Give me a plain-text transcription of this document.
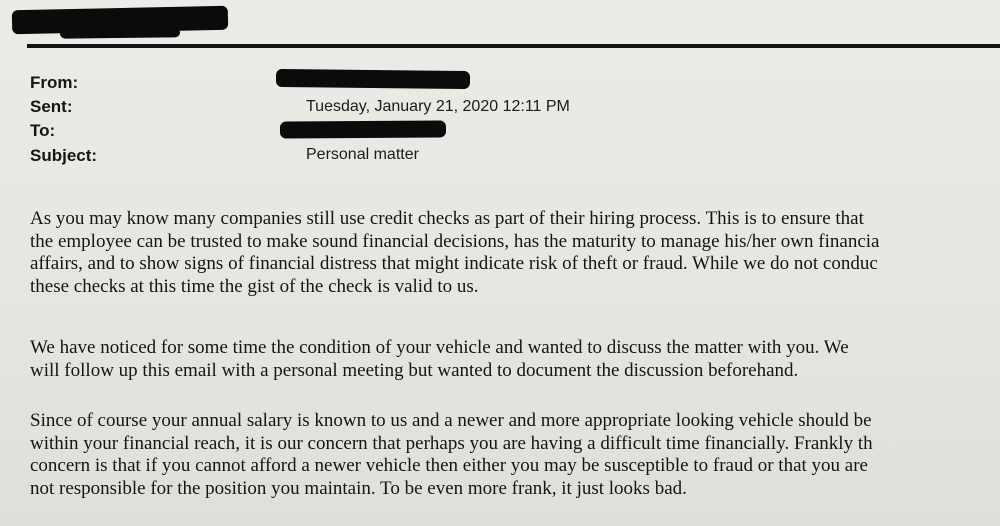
From:
Sent:	Tuesday, January 21, 2020 12:11 PM
To:
Subject:	Personal matter
As you may know many companies still use credit checks as part of their hiring process. This is to ensure that
the employee can be trusted to make sound financial decisions, has the maturity to manage his/her own financia
affairs, and to show signs of financial distress that might indicate risk of theft or fraud. While we do not conduc
these checks at this time the gist of the check is valid to us.
We have noticed for some time the condition of your vehicle and wanted to discuss the matter with you. We
will follow up this email with a personal meeting but wanted to document the discussion beforehand.
Since of course your annual salary is known to us and a newer and more appropriate looking vehicle should be
within your financial reach, it is our concern that perhaps you are having a difficult time financially. Frankly th
concern is that if you cannot afford a newer vehicle then either you may be susceptible to fraud or that you are
not responsible for the position you maintain. To be even more frank, it just looks bad.
